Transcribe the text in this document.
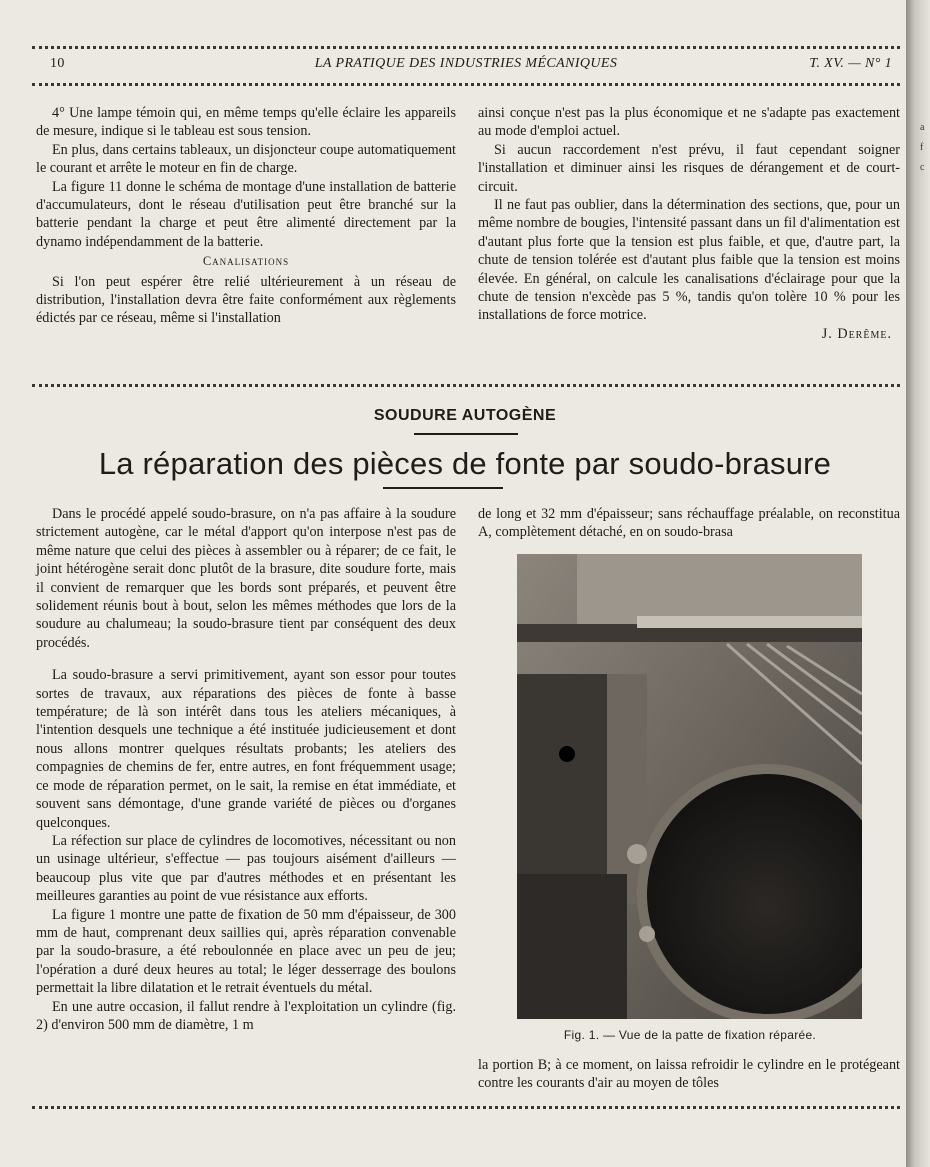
a
f
c
10	LA PRATIQUE DES INDUSTRIES MÉCANIQUES	T. XV. — N° 1

4° Une lampe témoin qui, en même temps qu'elle éclaire les appareils de mesure, indique si le tableau est sous tension.

En plus, dans certains tableaux, un disjoncteur coupe automatiquement le courant et arrête le moteur en fin de charge.

La figure 11 donne le schéma de montage d'une installation de batterie d'accumulateurs, dont le réseau d'utilisation peut être branché sur la batterie pendant la charge et peut être alimenté directement par la dynamo indépendamment de la batterie.

Canalisations

Si l'on peut espérer être relié ultérieurement à un réseau de distribution, l'installation devra être faite conformément aux règlements édictés par ce réseau, même si l'installation

ainsi conçue n'est pas la plus économique et ne s'adapte pas exactement au mode d'emploi actuel.

Si aucun raccordement n'est prévu, il faut cependant soigner l'installation et diminuer ainsi les risques de dérangement et de court-circuit.

Il ne faut pas oublier, dans la détermination des sections, que, pour un même nombre de bougies, l'intensité passant dans un fil d'alimentation est d'autant plus forte que la tension est plus faible, et que, d'autre part, la chute de tension tolérée est d'autant plus faible que la tension est moins élevée. En général, on calcule les canalisations d'éclairage pour que la chute de tension n'excède pas 5 %, tandis qu'on tolère 10 % pour les installations de force motrice.

J. Derême.

SOUDURE AUTOGÈNE
La réparation des pièces de fonte par soudo-brasure

Dans le procédé appelé soudo-brasure, on n'a pas affaire à la soudure strictement autogène, car le métal d'apport qu'on interpose n'est pas de même nature que celui des pièces à assembler ou à réparer; de ce fait, le joint hétérogène serait donc plutôt de la brasure, dite soudure forte, mais il convient de remarquer que les bords sont préparés, et peuvent être solidement réunis bout à bout, selon les mêmes méthodes que lors de la soudure au chalumeau; la soudo-brasure tient par conséquent des deux procédés.

La soudo-brasure a servi primitivement, ayant son essor pour toutes sortes de travaux, aux réparations des pièces de fonte à basse température; de là son intérêt dans tous les ateliers mécaniques, à l'intention desquels une technique a été instituée judicieusement et dont nous allons montrer quelques résultats probants; les ateliers des compagnies de chemins de fer, entre autres, en font fréquemment usage; ce mode de réparation permet, on le sait, la remise en état immédiate, et souvent sans démontage, d'une grande variété de pièces ou d'organes quelconques.

La réfection sur place de cylindres de locomotives, nécessitant ou non un usinage ultérieur, s'effectue — pas toujours aisément d'ailleurs — beaucoup plus vite que par d'autres méthodes et en présentant les meilleures garanties au point de vue résistance aux efforts.

La figure 1 montre une patte de fixation de 50 mm d'épaisseur, de 300 mm de haut, comprenant deux saillies qui, après réparation convenable par la soudo-brasure, a été reboulonnée en place avec un peu de jeu; l'opération a duré deux heures au total; le léger desserrage des boulons permettait la libre dilatation et le retrait éventuels du métal.

En une autre occasion, il fallut rendre à l'exploitation un cylindre (fig. 2) d'environ 500 mm de diamètre, 1 m

de long et 32 mm d'épaisseur; sans réchauffage préalable, on reconstitua A, complètement détaché, en on soudo-brasa

Fig. 1. — Vue de la patte de fixation réparée.

la portion B; à ce moment, on laissa refroidir le cylindre en le protégeant contre les courants d'air au moyen de tôles
